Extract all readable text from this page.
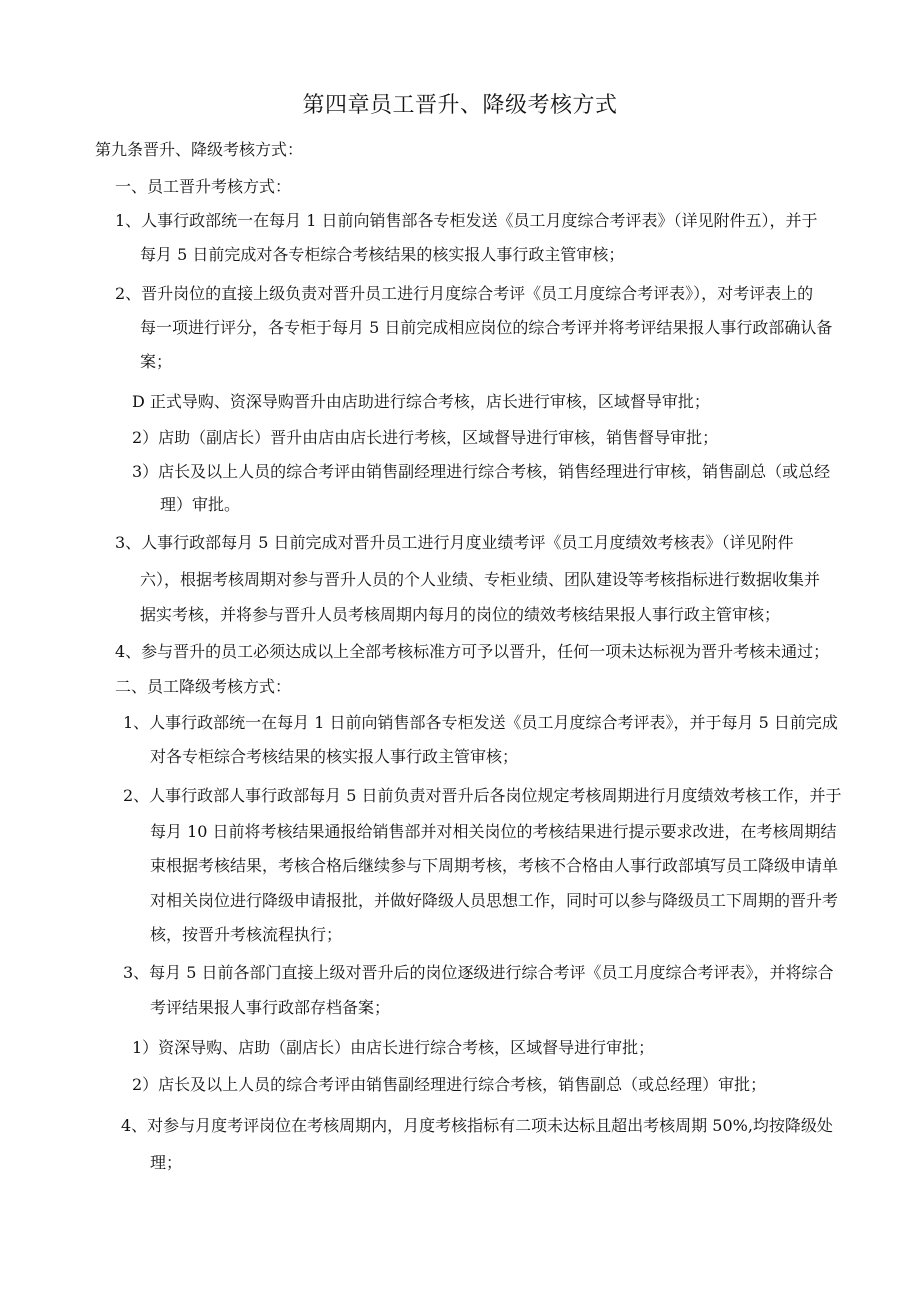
第四章员工晋升、降级考核方式
第九条晋升、降级考核方式：
一、员工晋升考核方式：
1、人事行政部统一在每月 1 日前向销售部各专柜发送《员工月度综合考评表》（详见附件五），并于
每月 5 日前完成对各专柜综合考核结果的核实报人事行政主管审核；
2、晋升岗位的直接上级负责对晋升员工进行月度综合考评《员工月度综合考评表》），对考评表上的
每一项进行评分，各专柜于每月 5 日前完成相应岗位的综合考评并将考评结果报人事行政部确认备
案；
D 正式导购、资深导购晋升由店助进行综合考核，店长进行审核，区域督导审批；
2）店助（副店长）晋升由店由店长进行考核，区域督导进行审核，销售督导审批；
3）店长及以上人员的综合考评由销售副经理进行综合考核，销售经理进行审核，销售副总（或总经
理）审批。
3、人事行政部每月 5 日前完成对晋升员工进行月度业绩考评《员工月度绩效考核表》（详见附件
六），根据考核周期对参与晋升人员的个人业绩、专柜业绩、团队建设等考核指标进行数据收集并
据实考核，并将参与晋升人员考核周期内每月的岗位的绩效考核结果报人事行政主管审核；
4、参与晋升的员工必须达成以上全部考核标准方可予以晋升，任何一项未达标视为晋升考核未通过；
二、员工降级考核方式：
1、人事行政部统一在每月 1 日前向销售部各专柜发送《员工月度综合考评表》，并于每月 5 日前完成
对各专柜综合考核结果的核实报人事行政主管审核；
2、人事行政部人事行政部每月 5 日前负责对晋升后各岗位规定考核周期进行月度绩效考核工作，并于
每月 10 日前将考核结果通报给销售部并对相关岗位的考核结果进行提示要求改进，在考核周期结
束根据考核结果，考核合格后继续参与下周期考核，考核不合格由人事行政部填写员工降级申请单
对相关岗位进行降级申请报批，并做好降级人员思想工作，同时可以参与降级员工下周期的晋升考
核，按晋升考核流程执行；
3、每月 5 日前各部门直接上级对晋升后的岗位逐级进行综合考评《员工月度综合考评表》，并将综合
考评结果报人事行政部存档备案；
1）资深导购、店助（副店长）由店长进行综合考核，区域督导进行审批；
2）店长及以上人员的综合考评由销售副经理进行综合考核，销售副总（或总经理）审批；
4、对参与月度考评岗位在考核周期内，月度考核指标有二项未达标且超出考核周期 50%,均按降级处
理；
